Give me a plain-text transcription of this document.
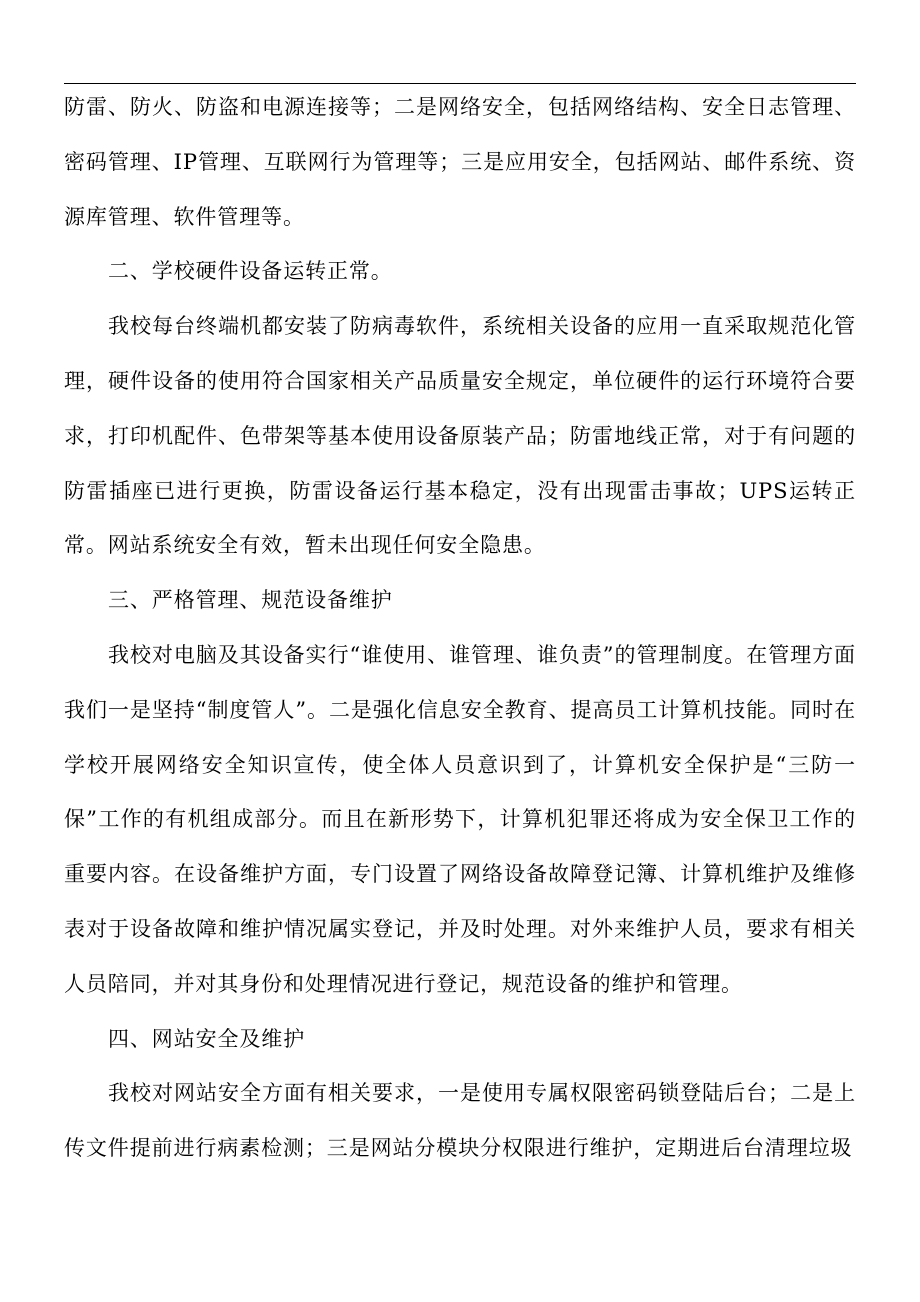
防雷、防火、防盗和电源连接等；二是网络安全，包括网络结构、安全日志管理、密码管理、IP管理、互联网行为管理等；三是应用安全，包括网站、邮件系统、资源库管理、软件管理等。

二、学校硬件设备运转正常。

我校每台终端机都安装了防病毒软件，系统相关设备的应用一直采取规范化管理，硬件设备的使用符合国家相关产品质量安全规定，单位硬件的运行环境符合要求，打印机配件、色带架等基本使用设备原装产品；防雷地线正常，对于有问题的防雷插座已进行更换，防雷设备运行基本稳定，没有出现雷击事故；UPS运转正常。网站系统安全有效，暂未出现任何安全隐患。

三、严格管理、规范设备维护

我校对电脑及其设备实行“谁使用、谁管理、谁负责”的管理制度。在管理方面我们一是坚持“制度管人”。二是强化信息安全教育、提高员工计算机技能。同时在学校开展网络安全知识宣传，使全体人员意识到了，计算机安全保护是“三防一保”工作的有机组成部分。而且在新形势下，计算机犯罪还将成为安全保卫工作的重要内容。在设备维护方面，专门设置了网络设备故障登记簿、计算机维护及维修表对于设备故障和维护情况属实登记，并及时处理。对外来维护人员，要求有相关人员陪同，并对其身份和处理情况进行登记，规范设备的维护和管理。

四、网站安全及维护

我校对网站安全方面有相关要求，一是使用专属权限密码锁登陆后台；二是上传文件提前进行病素检测；三是网站分模块分权限进行维护，定期进后台清理垃圾
